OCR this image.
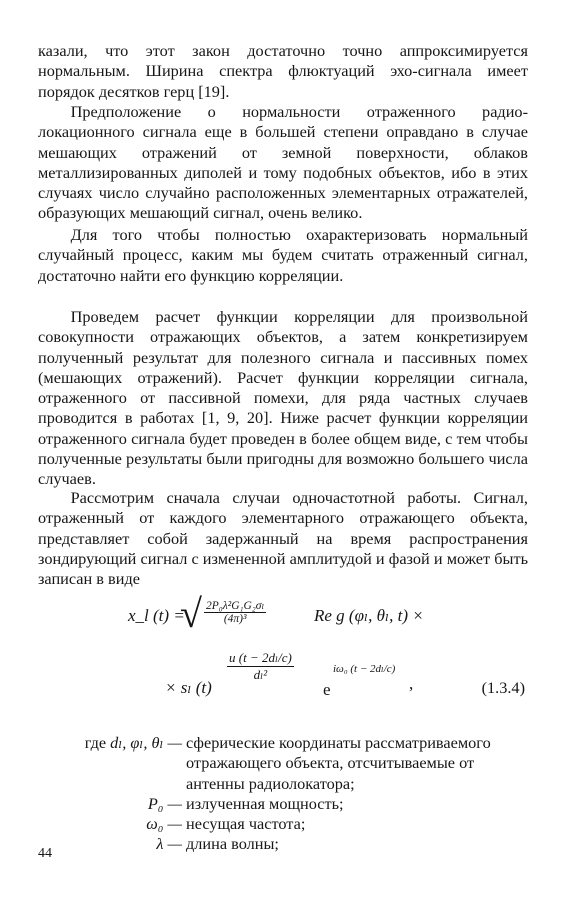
казали, что этот закон достаточно точно аппроксимируется нормальным. Ширина спектра флюктуаций эхо-сигнала имеет порядок десятков герц [19].

Предположение о нормальности отраженного радиолокационного сигнала еще в большей степени оправдано в случае мешающих отражений от земной поверхности, облаков металлизированных диполей и тому подобных объектов, ибо в этих случаях число случайно расположенных элементарных отражателей, образующих мешающий сигнал, очень велико.

Для того чтобы полностью охарактеризовать нормальный случайный процесс, каким мы будем считать отраженный сигнал, достаточно найти его функцию корреляции.

Проведем расчет функции корреляции для произвольной совокупности отражающих объектов, а затем конкретизируем полученный результат для полезного сигнала и пассивных помех (мешающих отражений). Расчет функции корреляции сигнала, отраженного от пассивной помехи, для ряда частных случаев проводится в работах [1, 9, 20]. Ниже расчет функции корреляции отраженного сигнала будет проведен в более общем виде, с тем чтобы полученные результаты были пригодны для возможно большего числа случаев.

Рассмотрим сначала случаи одночастотной работы. Сигнал, отраженный от каждого элементарного отражающего объекта, представляет собой задержанный на время распространения зондирующий сигнал с измененной амплитудой и фазой и может быть записан в виде

x_l (t) =
√ $\frac{\text{2P₀λ²G₁G₂σₗ}}{\text{(4π)³}}$	Re g (φₗ, θₗ, t) ×
× sₗ (t)
$\frac{\text{u (t − 2dₗ/c)}}{\text{dₗ²}}$
e
iω₀ (t − 2dₗ/c)
,	(1.3.4)
где dₗ, φₗ, θₗ — сферические координаты рассматриваемого отражающего объекта, отсчитываемые от антенны радиолокатора;
P₀ — излученная мощность;
ω₀ — несущая частота;
λ — длина волны;
44
